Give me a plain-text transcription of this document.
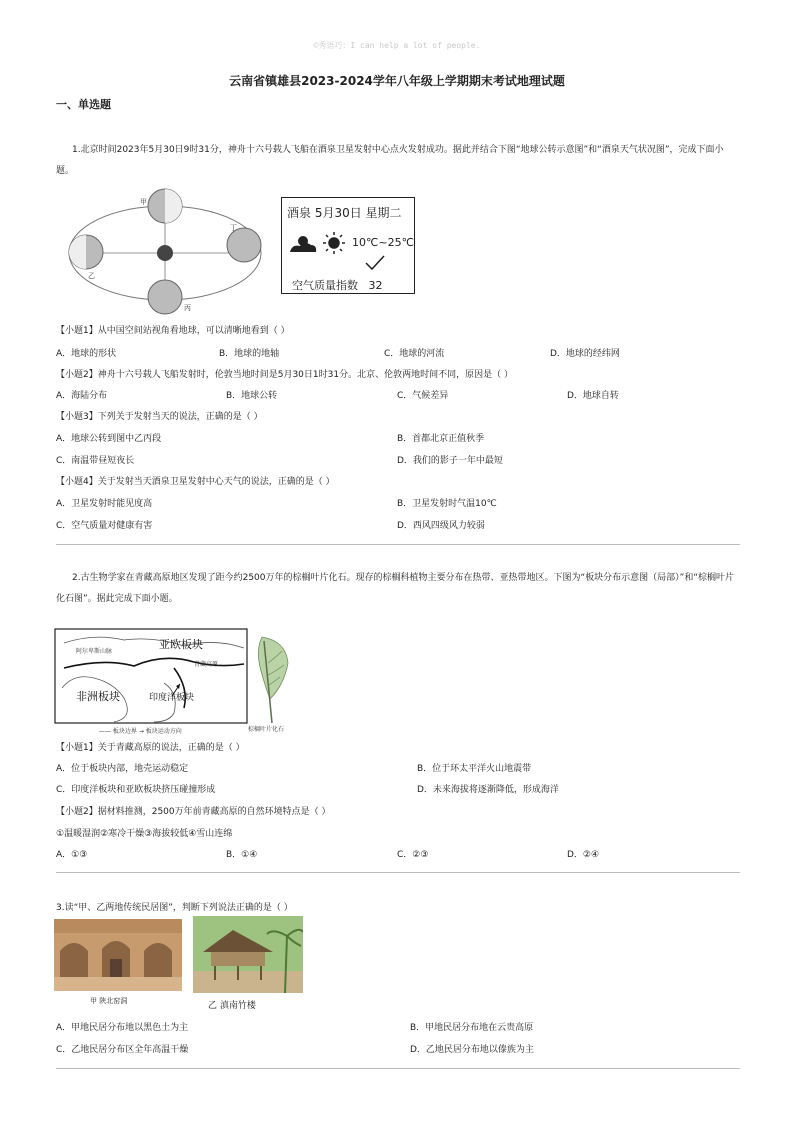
©秀语巧：I can help a lot of people.
云南省镇雄县2023-2024学年八年级上学期期末考试地理试题
一、单选题
1.北京时间2023年5月30日9时31分，神舟十六号载人飞船在酒泉卫星发射中心点火发射成功。据此并结合下图“地球公转示意图”和“酒泉天气状况图”，完成下面小题。
甲
乙
丙
丁
酒泉 5月30日 星期二
10℃~25℃
空气质量指数   32
【小题1】从中国空间站视角看地球，可以清晰地看到（ ）
A．地球的形状	B．地球的地轴	C．地球的河流	D．地球的经纬网
【小题2】神舟十六号载人飞船发射时，伦敦当地时间是5月30日1时31分。北京、伦敦两地时间不同，原因是（ ）
A．海陆分布	B．地球公转	C．气候差异	D．地球自转
【小题3】下列关于发射当天的说法，正确的是（ ）
A．地球公转到图中乙丙段	B．首都北京正值秋季
C．南温带昼短夜长	D．我们的影子一年中最短
【小题4】关于发射当天酒泉卫星发射中心天气的说法，正确的是（ ）
A．卫星发射时能见度高	B．卫星发射时气温10℃
C．空气质量对健康有害	D．西风四级风力较弱
2.古生物学家在青藏高原地区发现了距今约2500万年的棕榈叶片化石。现存的棕榈科植物主要分布在热带、亚热带地区。下图为“板块分布示意图（局部）”和“棕榈叶片化石图”。据此完成下面小题。
亚欧板块
非洲板块	印度洋板块
阿尔卑斯山脉
青藏高原
—— 板块边界 → 板块运动方向	棕榈叶片化石
【小题1】关于青藏高原的说法，正确的是（ ）
A．位于板块内部，地壳运动稳定	B．位于环太平洋火山地震带
C．印度洋板块和亚欧板块挤压碰撞形成	D．未来海拔将逐渐降低，形成海洋
【小题2】据材料推测，2500万年前青藏高原的自然环境特点是（ ）
①温暖湿润②寒冷干燥③海拔较低④雪山连绵
A．①③	B．①④	C．②③	D．②④
3.读“甲、乙两地传统民居图”，判断下列说法正确的是（ ）
甲 陕北窑洞	乙 滇南竹楼
A．甲地民居分布地以黑色土为主	B．甲地民居分布地在云贵高原
C．乙地民居分布区全年高温干燥	D．乙地民居分布地以傣族为主
